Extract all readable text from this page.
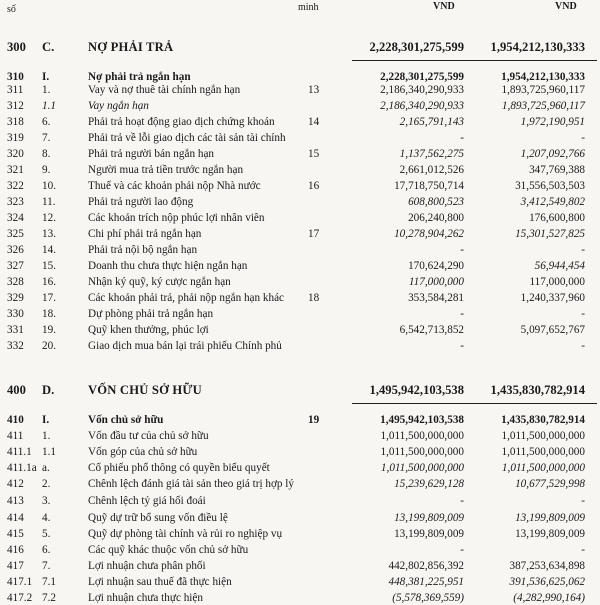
số	minh	VND	VND
300 C.	NỢ PHẢI TRẢ	2,228,301,275,599 1,954,212,130,333
310 I.	Nợ phải trả ngắn hạn	2,228,301,275,599	1,954,212,130,333
311 1.	Vay và nợ thuê tài chính ngắn hạn	13	2,186,340,290,933	1,893,725,960,117
312 1.1	Vay ngắn hạn	2,186,340,290,933	1,893,725,960,117
318 6.	Phải trả hoạt động giao dịch chứng khoán	14	2,165,791,143	1,972,190,951
319 7.	Phải trả về lỗi giao dịch các tài sản tài chính	-	-
320 8.	Phải trả người bán ngắn hạn	15	1,137,562,275	1,207,092,766
321 9.	Người mua trả tiền trước ngắn hạn	2,661,012,526	347,769,388
322 10.	Thuế và các khoản phải nộp Nhà nước	16	17,718,750,714	31,556,503,503
323 11.	Phải trả người lao động	608,800,523	3,412,549,802
324 12.	Các khoản trích nộp phúc lợi nhân viên	206,240,800	176,600,800
325 13.	Chi phí phải trả ngắn hạn	17	10,278,904,262	15,301,527,825
326 14.	Phải trả nội bộ ngắn hạn	-	-
327 15.	Doanh thu chưa thực hiện ngắn hạn	170,624,290	56,944,454
328 16.	Nhận ký quỹ, ký cược ngắn hạn	117,000,000	117,000,000
329 17.	Các khoản phải trả, phải nộp ngắn hạn khác 18	353,584,281	1,240,337,960
330 18.	Dự phòng phải trả ngắn hạn	-	-
331 19.	Quỹ khen thưởng, phúc lợi	6,542,713,852	5,097,652,767
332 20.	Giao dịch mua bán lại trái phiếu Chính phủ	-	-
400 D.	VỐN CHỦ SỞ HỮU	1,495,942,103,538 1,435,830,782,914
410 I.	Vốn chủ sở hữu	19	1,495,942,103,538	1,435,830,782,914
411 1.	Vốn đầu tư của chủ sở hữu	1,011,500,000,000	1,011,500,000,000
411.1 1.1	Vốn góp của chủ sở hữu	1,011,500,000,000	1,011,500,000,000
411.1a a.	Cổ phiếu phổ thông có quyền biểu quyết	1,011,500,000,000	1,011,500,000,000
412 2.	Chênh lệch đánh giá tài sản theo giá trị hợp lý	15,239,629,128	10,677,529,998
413 3.	Chênh lệch tỷ giá hối đoái	-	-
414 4.	Quỹ dự trữ bổ sung vốn điều lệ	13,199,809,009	13,199,809,009
415 5.	Quỹ dự phòng tài chính và rủi ro nghiệp vụ	13,199,809,009	13,199,809,009
416 6.	Các quỹ khác thuộc vốn chủ sở hữu	-	-
417 7.	Lợi nhuận chưa phân phối	442,802,856,392	387,253,634,898
417.1 7.1	Lợi nhuận sau thuế đã thực hiện	448,381,225,951	391,536,625,062
417.2 7.2	Lợi nhuận chưa thực hiện	(5,578,369,559)	(4,282,990,164)
